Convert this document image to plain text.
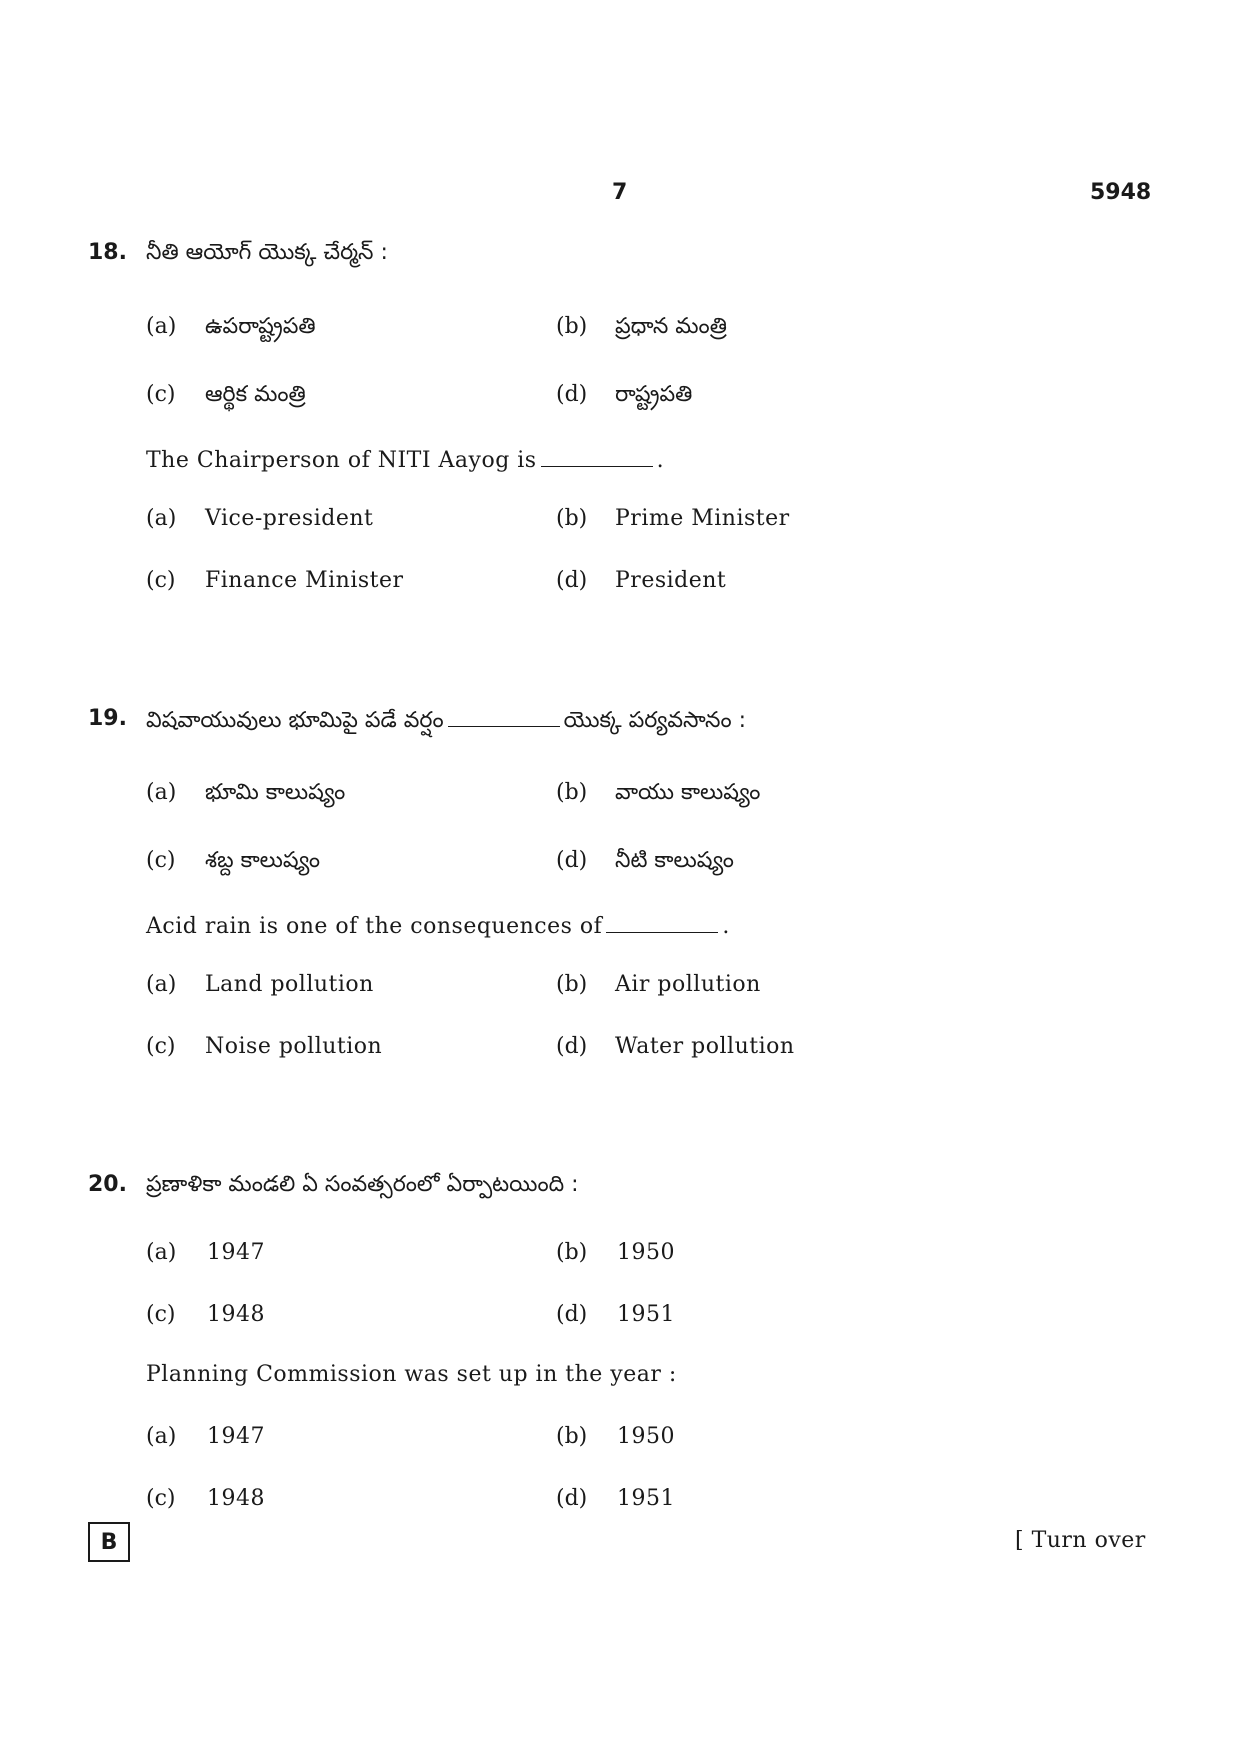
7	5948
18. నీతి ఆయోగ్ యొక్క చేర్మన్ :
(a) ఉపరాష్ట్రపతి	(b) ప్రధాన మంత్రి
(c) ఆర్థిక మంత్రి	(d) రాష్ట్రపతి
The Chairperson of NITI Aayog is	.
(a) Vice-president	(b) Prime Minister
(c) Finance Minister	(d) President
19. విషవాయువులు భూమిపై పడే వర్షం	యొక్క పర్యవసానం :
(a) భూమి కాలుష్యం	(b) వాయు కాలుష్యం
(c) శబ్ద కాలుష్యం	(d) నీటి కాలుష్యం
Acid rain is one of the consequences of	.
(a) Land pollution	(b) Air pollution
(c) Noise pollution	(d) Water pollution
20. ప్రణాళికా మండలి ఏ సంవత్సరంలో ఏర్పాటయింది :
(a) 1947	(b) 1950
(c) 1948	(d) 1951
Planning Commission was set up in the year :
(a) 1947	(b) 1950
(c) 1948	(d) 1951
B	[ Turn over
